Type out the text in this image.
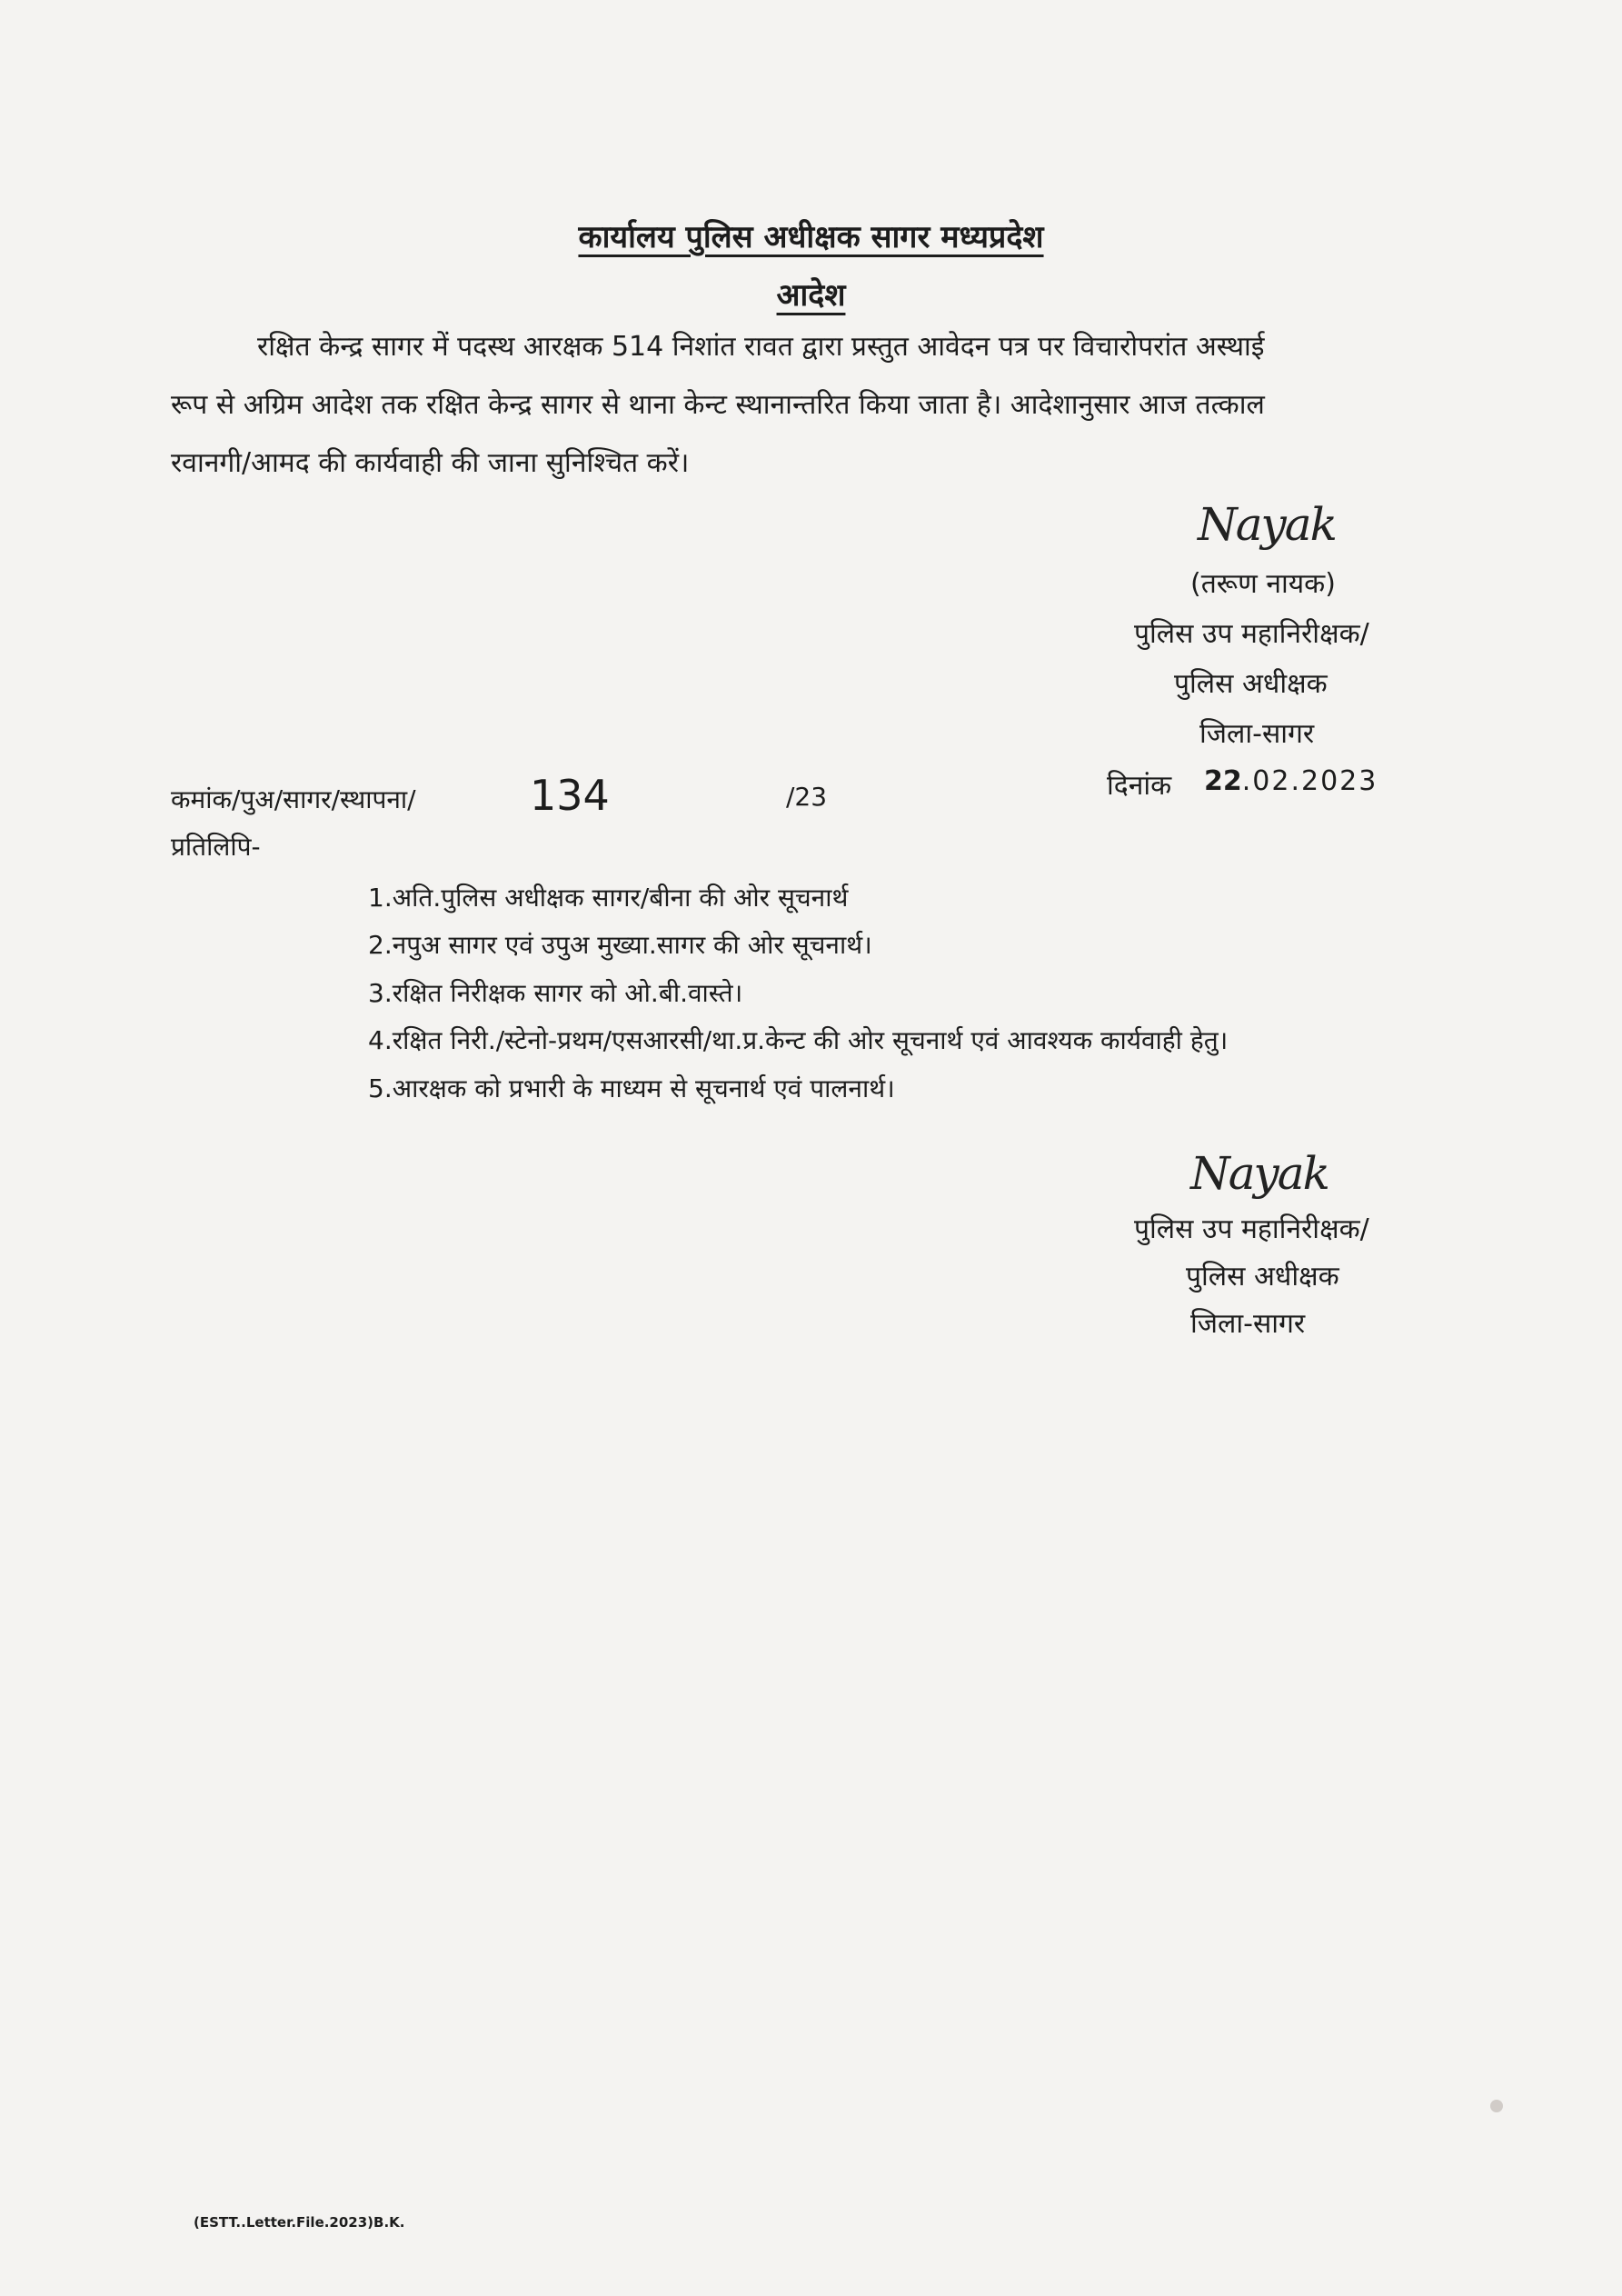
कार्यालय पुलिस अधीक्षक सागर मध्यप्रदेश
आदेश
रक्षित केन्द्र सागर में पदस्थ आरक्षक 514 निशांत रावत द्वारा प्रस्तुत आवेदन पत्र पर विचारोपरांत अस्थाई
रूप से अग्रिम आदेश तक रक्षित केन्द्र सागर से थाना केन्ट स्थानान्तरित किया जाता है। आदेशानुसार आज तत्काल
रवानगी/आमद की कार्यवाही की जाना सुनिश्चित करें।
Nayak
(तरूण नायक)
पुलिस उप महानिरीक्षक/
पुलिस अधीक्षक
जिला-सागर
दिनांक 22.02.2023
कमांक/पुअ/सागर/स्थापना/	134	/23
प्रतिलिपि-
1.अति.पुलिस अधीक्षक सागर/बीना की ओर सूचनार्थ
2.नपुअ सागर एवं उपुअ मुख्या.सागर की ओर सूचनार्थ।
3.रक्षित निरीक्षक सागर को ओ.बी.वास्ते।
4.रक्षित निरी./स्टेनो-प्रथम/एसआरसी/था.प्र.केन्ट की ओर सूचनार्थ एवं आवश्यक कार्यवाही हेतु।
5.आरक्षक को प्रभारी के माध्यम से सूचनार्थ एवं पालनार्थ।
Nayak
पुलिस उप महानिरीक्षक/
पुलिस अधीक्षक
जिला-सागर
(ESTT..Letter.File.2023)B.K.
